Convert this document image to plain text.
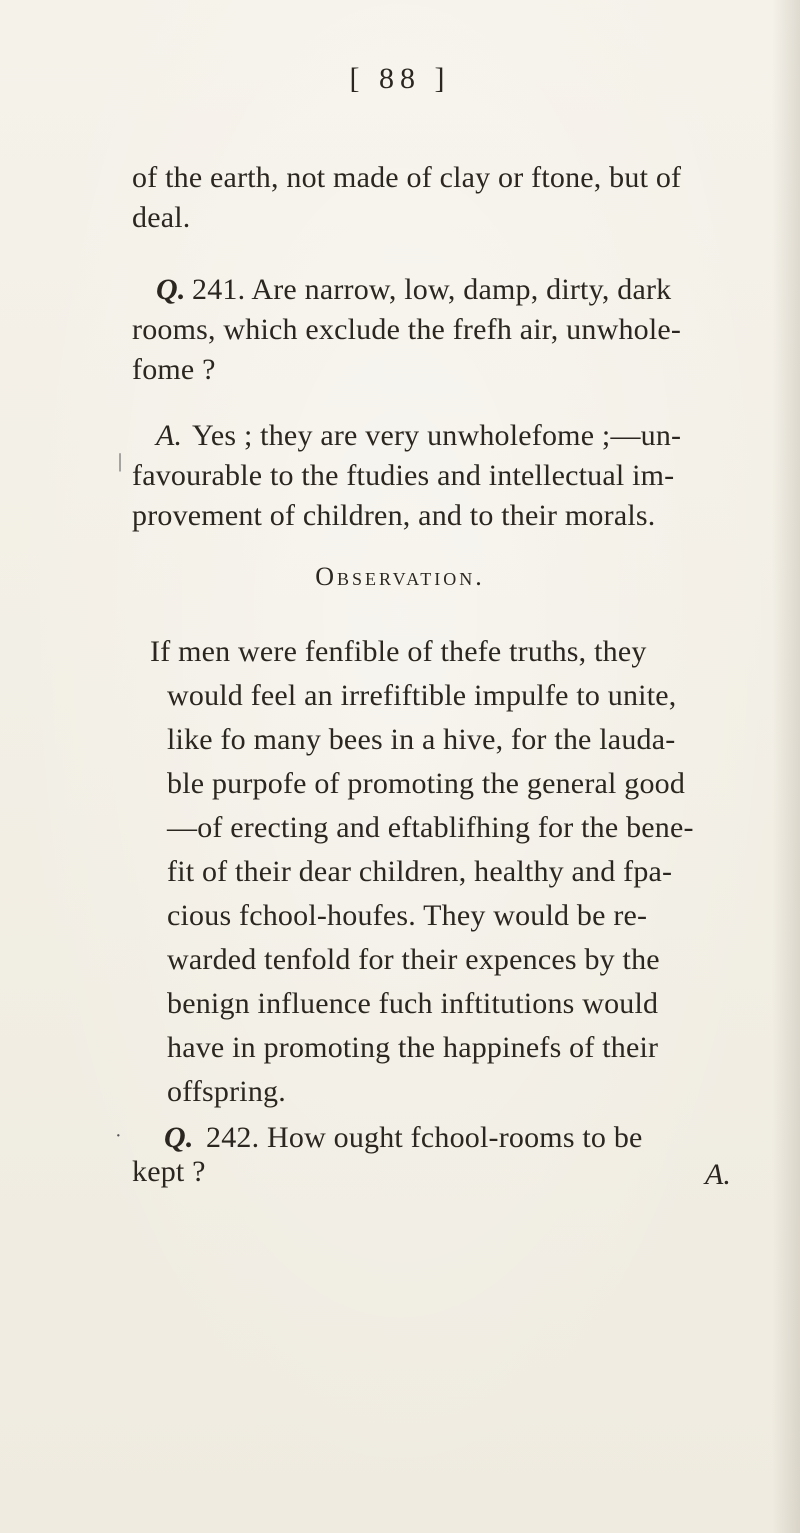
[ 88 ]
of the earth, not made of clay or ftone, but of
deal.
Q. 241. Are narrow, low, damp, dirty, dark
rooms, which exclude the frefh air, unwhole-
fome ?
A. Yes ; they are very unwholefome ;—un-
favourable to the ftudies and intellectual im-
provement of children, and to their morals.
Observation.
If men were fenfible of thefe truths, they
would feel an irrefiftible impulfe to unite,
like fo many bees in a hive, for the lauda-
ble purpofe of promoting the general good
—of erecting and eftablifhing for the bene-
fit of their dear children, healthy and fpa-
cious fchool-houfes. They would be re-
warded tenfold for their expences by the
benign influence fuch inftitutions would
have in promoting the happinefs of their
offspring.
Q. 242. How ought fchool-rooms to be
kept ?	A.
|
·
